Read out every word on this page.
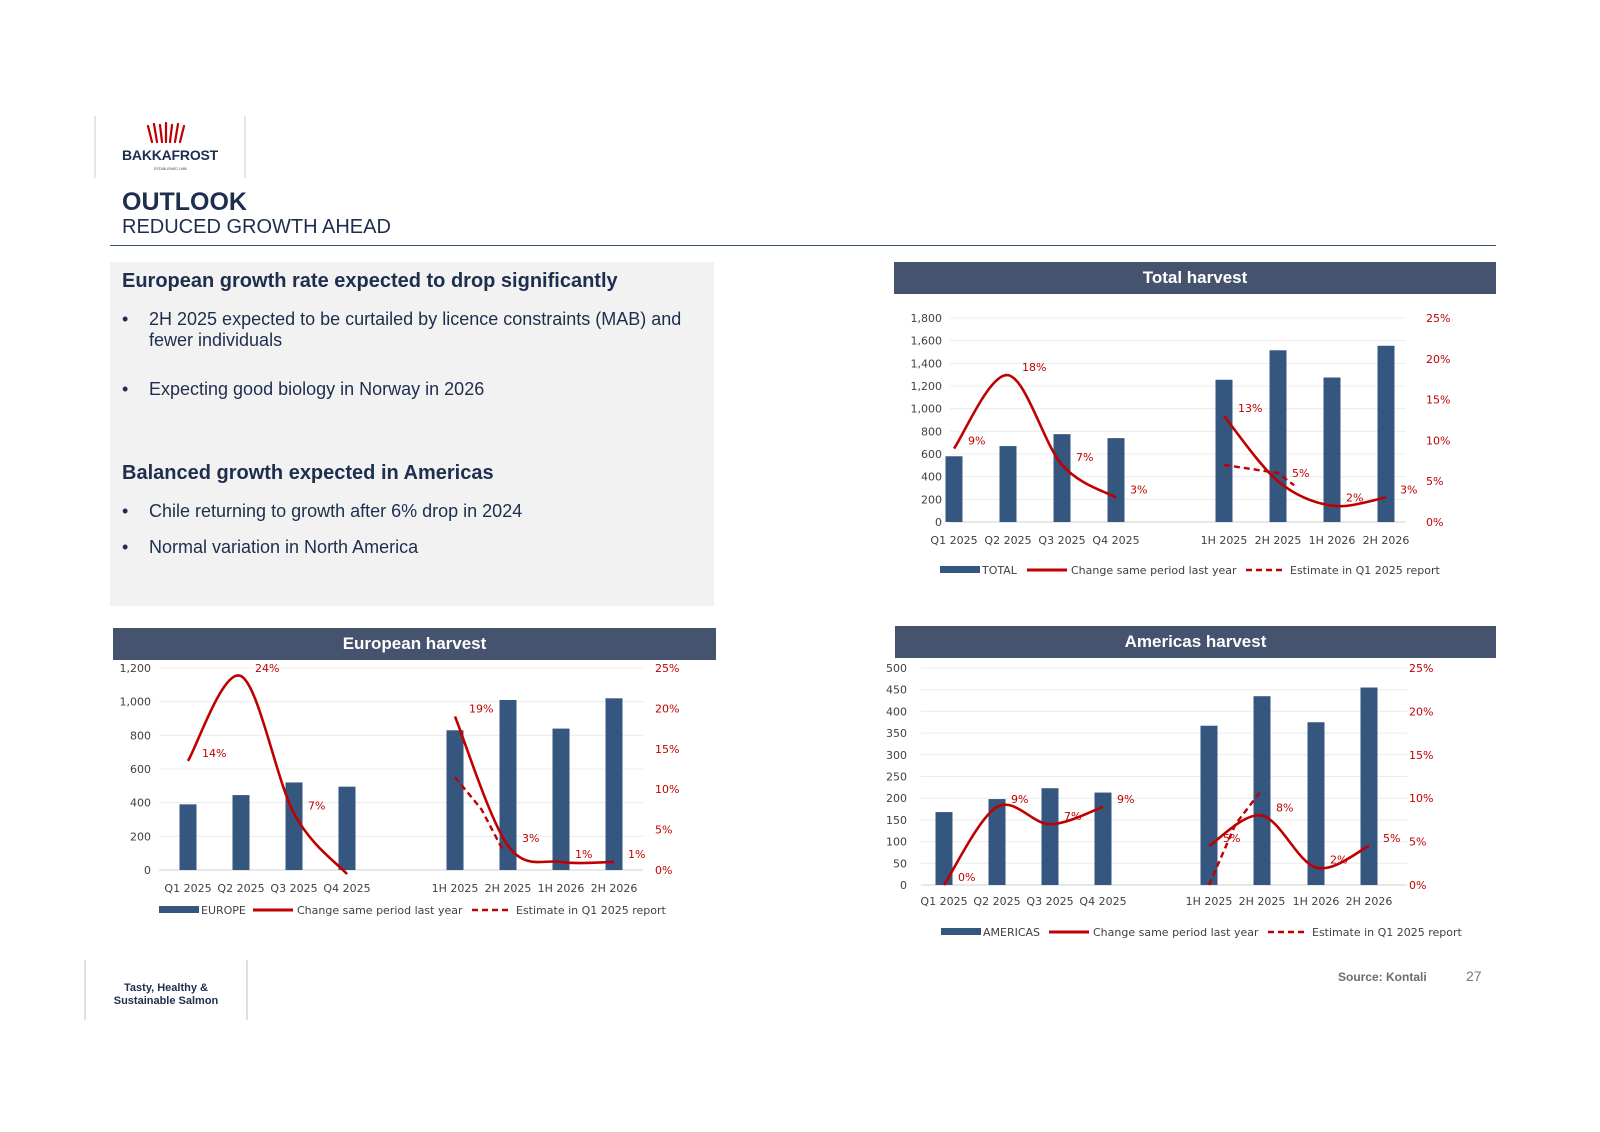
BAKKAFROST
ESTABLISHED 1968
OUTLOOK
REDUCED GROWTH AHEAD
European growth rate expected to drop significantly
• 2H 2025 expected to be curtailed by licence constraints (MAB) and fewer individuals
• Expecting good biology in Norway in 2026
Balanced growth expected in Americas
• Chile returning to growth after 6% drop in 2024
• Normal variation in North America
Total harvest
European harvest	Americas harvest
0
200
400
600
800
1,000
1,200
1,400
1,600
1,800
0%
5%
10%
15%
20%
25%
Q1 2025 Q2 2025 Q3 2025 Q4 2025	1H 2025 2H 2025 1H 2026 2H 2026
9%
18%
7%
3%
13%
5%
2%
3%
TOTAL	Change same period last year	Estimate in Q1 2025 report
0
200
400
600
800
1,000
1,200
0%
5%
10%
15%
20%
25%
Q1 2025 Q2 2025 Q3 2025 Q4 2025	1H 2025 2H 2025 1H 2026 2H 2026
14%
24%
7%
19%
3%
1%	1%
EUROPE	Change same period last year	Estimate in Q1 2025 report
0
50
100
150
200
250
300
350
400
450
500
0%
5%
10%
15%
20%
25%
Q1 2025 Q2 2025 Q3 2025 Q4 2025	1H 2025 2H 2025 1H 2026 2H 2026
0%
9%
7%
9%
5%
8%
2%
5%
AMERICAS	Change same period last year	Estimate in Q1 2025 report
Tasty, Healthy &
Sustainable Salmon
Source: Kontali	27
